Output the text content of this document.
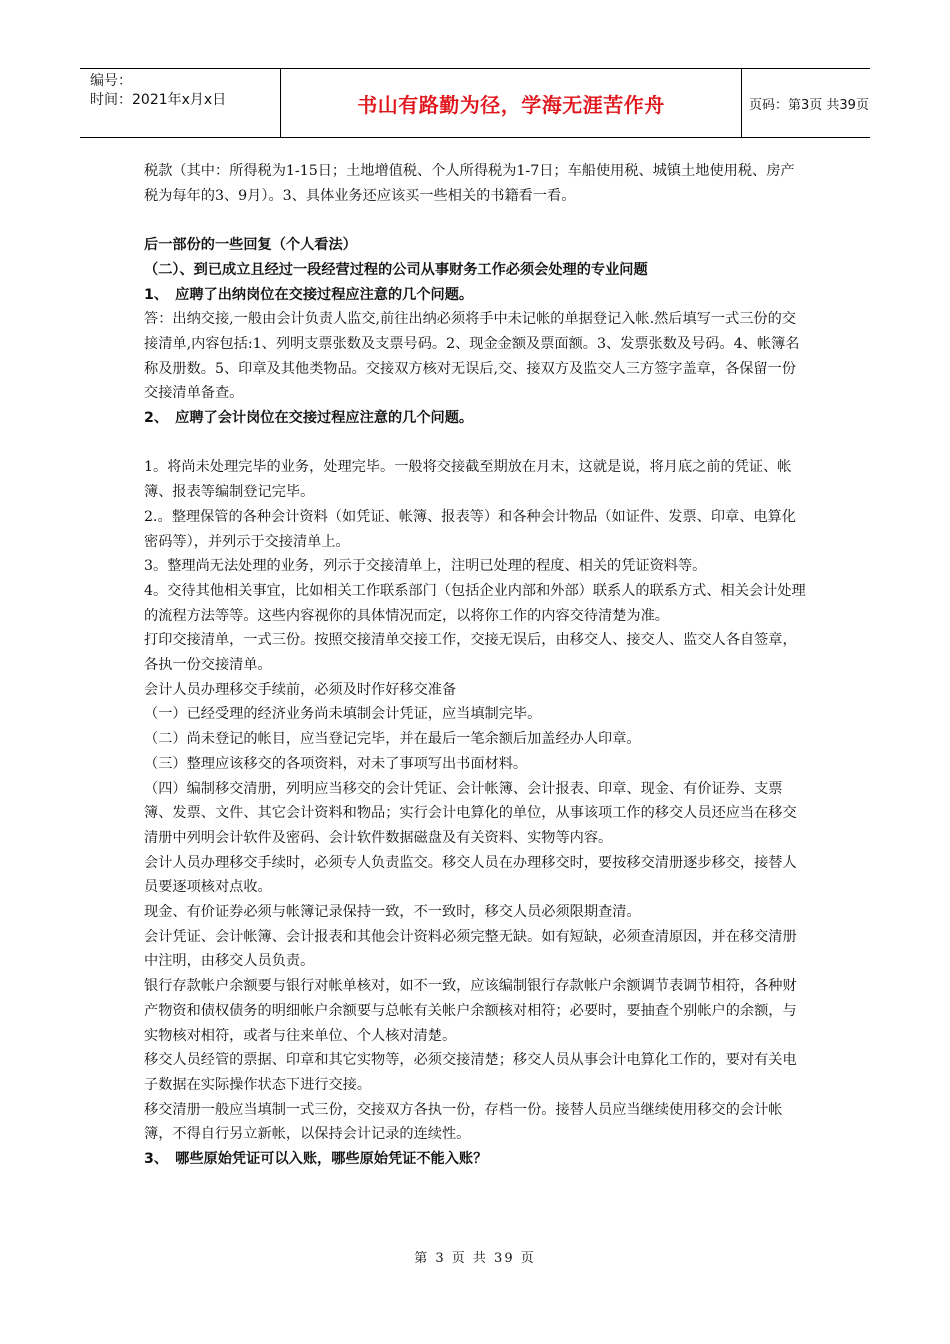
编号：
时间：2021年x月x日	书山有路勤为径，学海无涯苦作舟	页码：第3页 共39页

税款（其中：所得税为1-15日；土地增值税、个人所得税为1-7日；车船使用税、城镇土地使用税、房产税为每年的3、9月）。3、具体业务还应该买一些相关的书籍看一看。

后一部份的一些回复（个人看法）

（二）、到已成立且经过一段经营过程的公司从事财务工作必须会处理的专业问题

1、　应聘了出纳岗位在交接过程应注意的几个问题。

答：出纳交接,一般由会计负责人监交,前往出纳必须将手中未记帐的单据登记入帐.然后填写一式三份的交接清单,内容包括:1、列明支票张数及支票号码。2、现金金额及票面额。3、发票张数及号码。4、帐簿名称及册数。5、印章及其他类物品。交接双方核对无误后,交、接双方及监交人三方签字盖章，各保留一份交接清单备查。

2、　应聘了会计岗位在交接过程应注意的几个问题。

1。将尚未处理完毕的业务，处理完毕。一般将交接截至期放在月末，这就是说，将月底之前的凭证、帐簿、报表等编制登记完毕。

2.。整理保管的各种会计资料（如凭证、帐簿、报表等）和各种会计物品（如证件、发票、印章、电算化密码等），并列示于交接清单上。

3。整理尚无法处理的业务，列示于交接清单上，注明已处理的程度、相关的凭证资料等。

4。交待其他相关事宜，比如相关工作联系部门（包括企业内部和外部）联系人的联系方式、相关会计处理的流程方法等等。这些内容视你的具体情况而定，以将你工作的内容交待清楚为准。

打印交接清单，一式三份。按照交接清单交接工作，交接无误后，由移交人、接交人、监交人各自签章，各执一份交接清单。

会计人员办理移交手续前，必须及时作好移交准备

（一）已经受理的经济业务尚未填制会计凭证，应当填制完毕。

（二）尚未登记的帐目，应当登记完毕，并在最后一笔余额后加盖经办人印章。

（三）整理应该移交的各项资料，对未了事项写出书面材料。

（四）编制移交清册，列明应当移交的会计凭证、会计帐簿、会计报表、印章、现金、有价证券、支票簿、发票、文件、其它会计资料和物品；实行会计电算化的单位，从事该项工作的移交人员还应当在移交清册中列明会计软件及密码、会计软件数据磁盘及有关资料、实物等内容。

会计人员办理移交手续时，必须专人负责监交。移交人员在办理移交时，要按移交清册逐步移交，接替人员要逐项核对点收。

现金、有价证券必须与帐簿记录保持一致，不一致时，移交人员必须限期查清。

会计凭证、会计帐簿、会计报表和其他会计资料必须完整无缺。如有短缺，必须查清原因，并在移交清册中注明，由移交人员负责。

银行存款帐户余额要与银行对帐单核对，如不一致，应该编制银行存款帐户余额调节表调节相符，各种财产物资和债权债务的明细帐户余额要与总帐有关帐户余额核对相符；必要时，要抽查个别帐户的余额，与实物核对相符，或者与往来单位、个人核对清楚。

移交人员经管的票据、印章和其它实物等，必须交接清楚；移交人员从事会计电算化工作的，要对有关电子数据在实际操作状态下进行交接。

移交清册一般应当填制一式三份，交接双方各执一份，存档一份。接替人员应当继续使用移交的会计帐簿，不得自行另立新帐，以保持会计记录的连续性。

3、　哪些原始凭证可以入账，哪些原始凭证不能入账？

第 3 页 共 39 页
